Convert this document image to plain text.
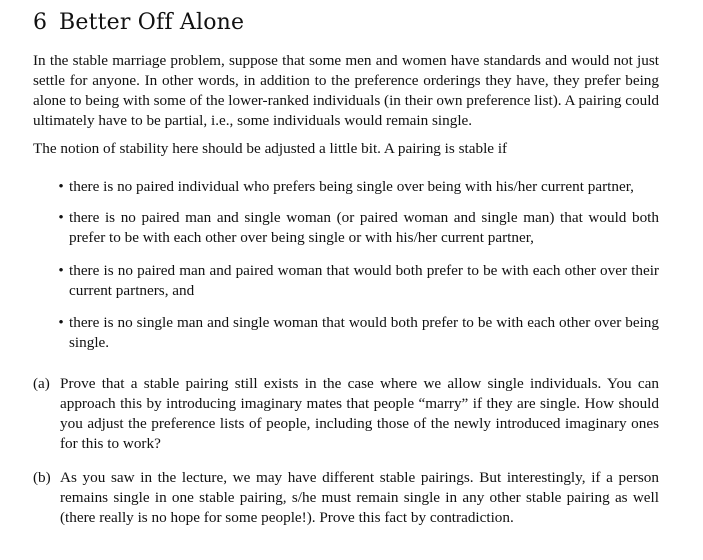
6 Better Off Alone

In the stable marriage problem, suppose that some men and women have standards and would not just settle for anyone. In other words, in addition to the preference orderings they have, they prefer being alone to being with some of the lower-ranked individuals (in their own preference list). A pairing could ultimately have to be partial, i.e., some individuals would remain single.

The notion of stability here should be adjusted a little bit. A pairing is stable if

• there is no paired individual who prefers being single over being with his/her current partner,
• there is no paired man and single woman (or paired woman and single man) that would both prefer to be with each other over being single or with his/her current partner,
• there is no paired man and paired woman that would both prefer to be with each other over their current partners, and
• there is no single man and single woman that would both prefer to be with each other over being single.
(a) Prove that a stable pairing still exists in the case where we allow single individuals. You can approach this by introducing imaginary mates that people “marry” if they are single. How should you adjust the preference lists of people, including those of the newly introduced imaginary ones for this to work?
(b) As you saw in the lecture, we may have different stable pairings. But interestingly, if a person remains single in one stable pairing, s/he must remain single in any other stable pairing as well (there really is no hope for some people!). Prove this fact by contradiction.
